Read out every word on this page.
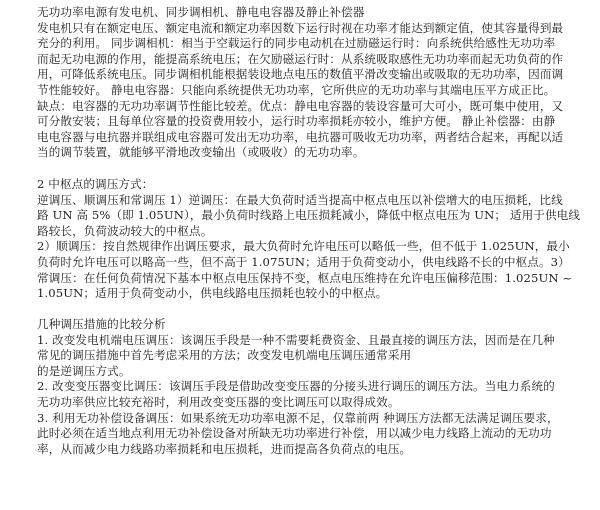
无功功率电源有发电机、同步调相机、静电电容器及静止补偿器
发电机只有在额定电压、额定电流和额定功率因数下运行时视在功率才能达到额定值，使其容量得到最
充分的利用。 同步调相机：相当于空载运行的同步电动机在过励磁运行时：向系统供给感性无功功率
而起无功电源的作用，能提高系统电压；在欠励磁运行时：从系统吸取感性无功功率而起无功负荷的作
用，可降低系统电压。同步调相机能根据装设地点电压的数值平滑改变输出或吸取的无功功率，因而调
节性能较好。 静电电容器：只能向系统提供无功功率，它所供应的无功功率与其端电压平方成正比。
缺点：电容器的无功功率调节性能比较差。优点：静电电容器的装设容量可大可小，既可集中使用，又
可分散安装；且每单位容量的投资费用较小，运行时功率损耗亦较小，维护方便。 静止补偿器：由静
电电容器与电抗器并联组成电容器可发出无功功率，电抗器可吸收无功功率，两者结合起来，再配以适
当的调节装置，就能够平滑地改变输出（或吸收）的无功功率。
2 中枢点的调压方式：
逆调压、顺调压和常调压 1）逆调压：在最大负荷时适当提高中枢点电压以补偿增大的电压损耗，比线
路 UN 高 5%（即 1.05UN），最小负荷时线路上电压损耗减小，降低中枢点电压为 UN； 适用于供电线
路较长，负荷波动较大的中枢点。
2）顺调压：按自然规律作出调压要求，最大负荷时允许电压可以略低一些，但不低于 1.025UN，最小
负荷时允许电压可以略高一些，但不高于 1.075UN；适用于负荷变动小，供电线路不长的中枢点。3）
常调压：在任何负荷情况下基本中枢点电压保持不变，枢点电压维持在允许电压偏移范围：1.025UN ~
1.05UN；适用于负荷变动小，供电线路电压损耗也较小的中枢点。
几种调压措施的比较分析
1. 改变发电机端电压调压：该调压手段是一种不需要耗费资金、且最直接的调压方法，因而是在几种
常见的调压措施中首先考虑采用的方法；改变发电机端电压调压通常采用
的是逆调压方式。
2. 改变变压器变比调压：该调压手段是借助改变变压器的分接头进行调压的调压方法。当电力系统的
无功功率供应比较充裕时，利用改变变压器的变比调压可以取得成效。
3. 利用无功补偿设备调压：如果系统无功功率电源不足，仅靠前两 种调压方法都无法满足调压要求，
此时必须在适当地点利用无功补偿设备对所缺无功功率进行补偿，用以减少电力线路上流动的无功功
率，从而减少电力线路功率损耗和电压损耗，进而提高各负荷点的电压。
